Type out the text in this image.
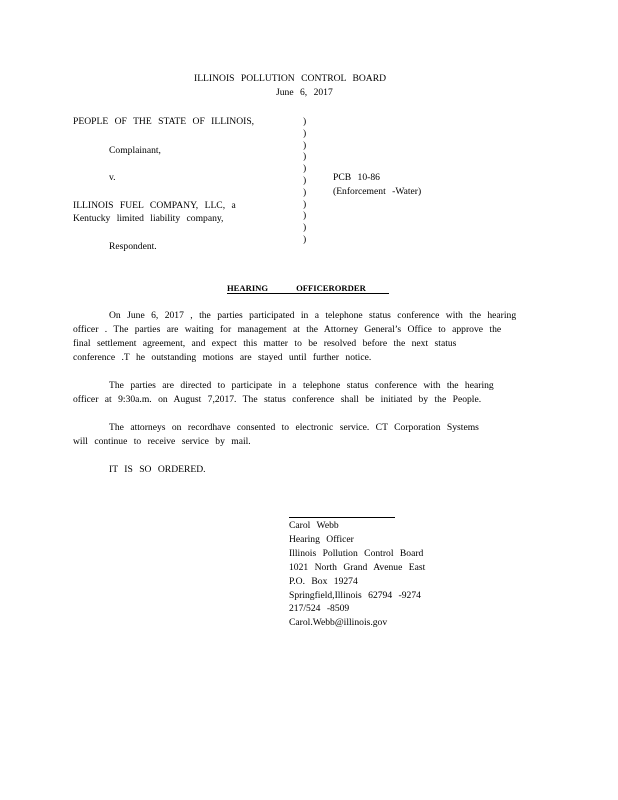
ILLINOIS POLLUTION CONTROL BOARD
June 6, 2017
PEOPLE OF THE STATE OF ILLINOIS,
Complainant,
v.
ILLINOIS FUEL COMPANY, LLC, a
Kentucky limited liability company,
Respondent.
)
)
)
)
)
)
)
)
)
)
)
PCB 10-86
(Enforcement -Water)
HEARING	OFFICERORDER
On June 6, 2017 , the parties participated in a telephone status conference with the hearing
officer . The parties are waiting for management at the Attorney General’s Office to approve the
final settlement agreement, and expect this matter to be resolved before the next status
conference .T he outstanding motions are stayed until further notice.
The parties are directed to participate in a telephone status conference with the hearing
officer at 9:30a.m. on August 7,2017. The status conference shall be initiated by the People.
The attorneys on recordhave consented to electronic service. CT Corporation Systems
will continue to receive service by mail.
IT IS SO ORDERED.
Carol Webb
Hearing Officer
Illinois Pollution Control Board
1021 North Grand Avenue East
P.O. Box 19274
Springfield,Illinois 62794 -9274
217/524 -8509
Carol.Webb@illinois.gov
